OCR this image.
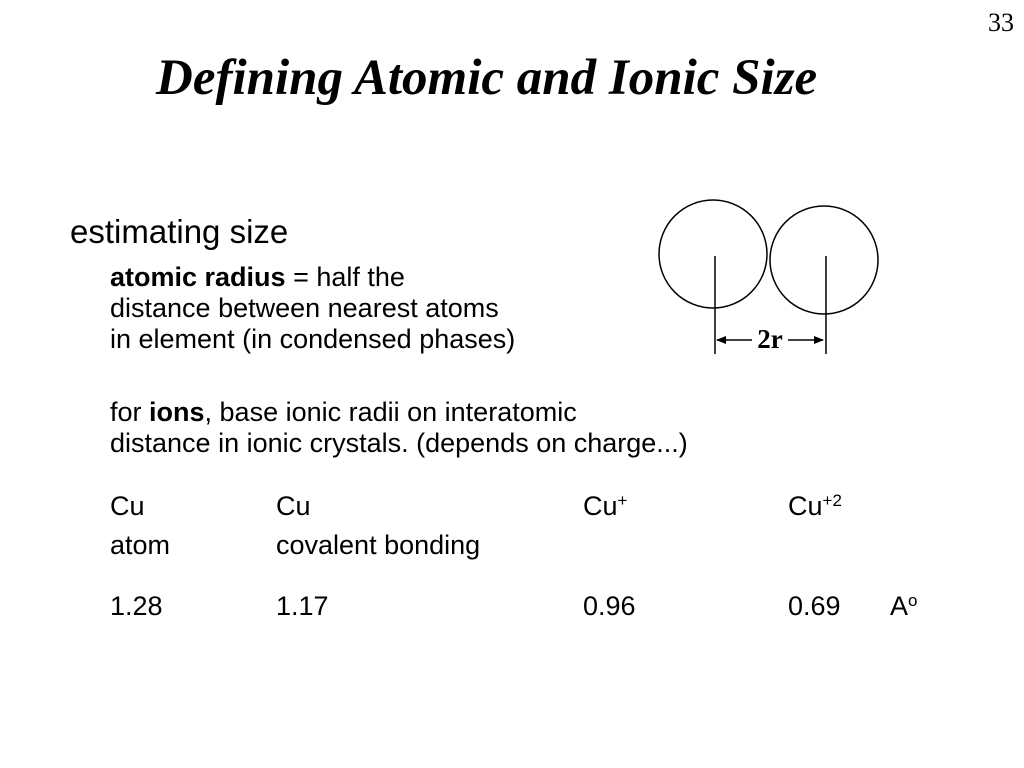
33
Defining Atomic and Ionic Size
estimating size
atomic radius = half the
distance between nearest atoms
in element (in condensed phases)
for ions, base ionic radii on interatomic
distance in ionic crystals. (depends on charge...)
2r
Cu	Cu	Cu+	$Cu^{+2}$
atom	covalent bonding
1.28	1.17	0.96	0.69 $A^o$
